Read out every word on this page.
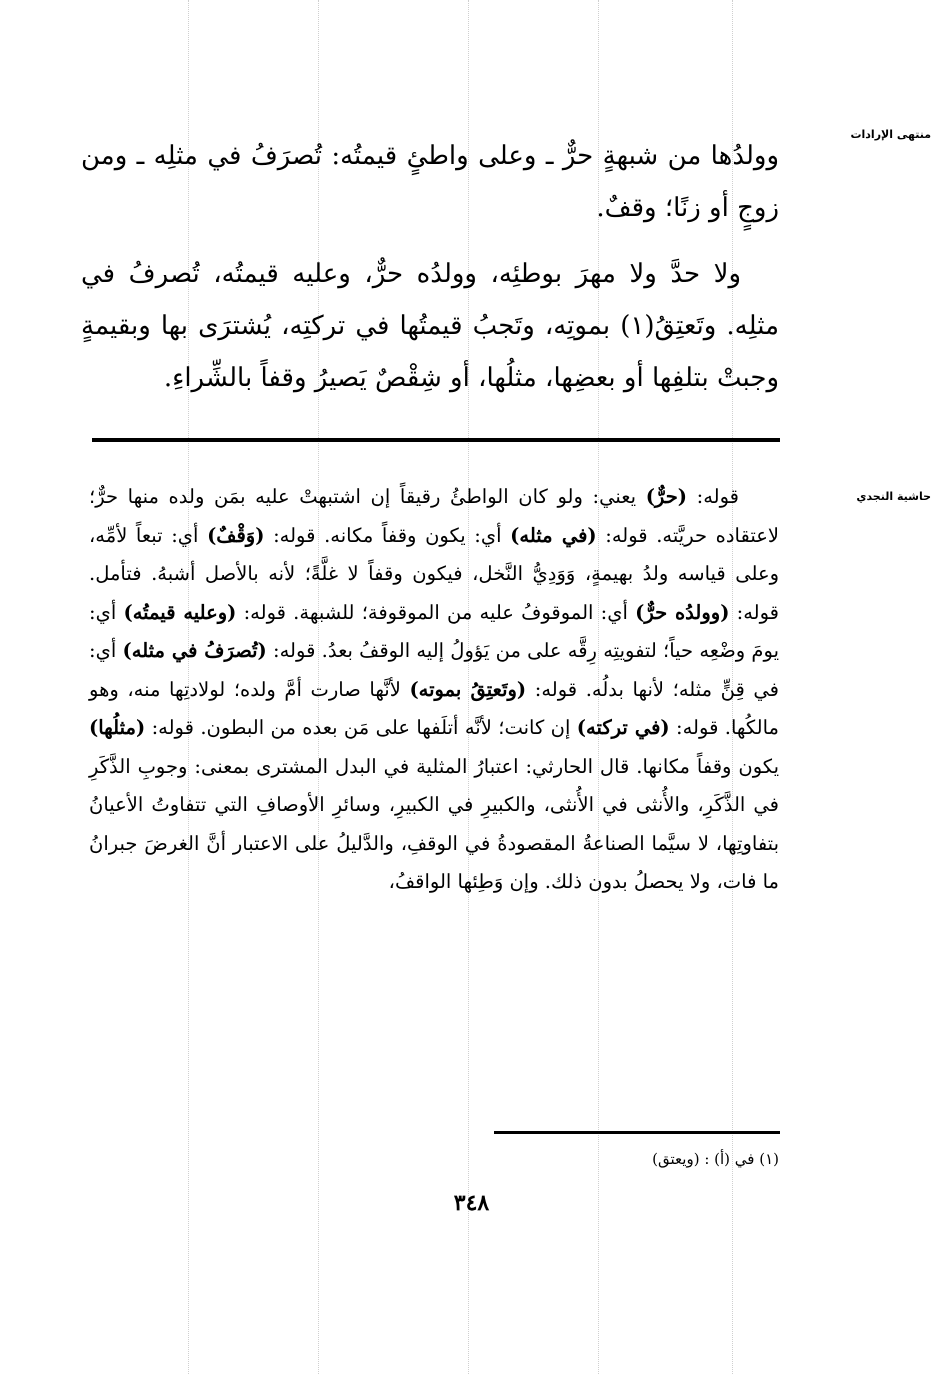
منتهى الإرادات

وولدُها من شبهةٍ حرٌّ ـ وعلى واطئٍ قيمتُه: تُصرَفُ في مثلِه ـ ومن زوجٍ أو زنًا؛ وقفٌ.

ولا حدَّ ولا مهرَ بوطئِه، وولدُه حرٌّ، وعليه قيمتُه، تُصرفُ في مثلِه. وتَعتِقُ(١) بموتِه، وتَجبُ قيمتُها في تركتِه، يُشترَى بها وبقيمةٍ وجبتْ بتلفِها أو بعضِها، مثلُها، أو شِقْصٌ يَصيرُ وقفاً بالشِّراءِ.

حاشية النجدي

قوله: (حرٌّ) يعني: ولو كان الواطئُ رقيقاً إن اشتبهتْ عليه بمَن ولده منها حرٌّ؛ لاعتقاده حريَّته. قوله: (في مثله) أي: يكون وقفاً مكانه. قوله: (وَقْفٌ) أي: تبعاً لأمِّه، وعلى قياسه ولدُ بهيمةٍ، وَوَدِيُّ النَّخل، فيكون وقفاً لا غلَّةً؛ لأنه بالأصل أشبهُ. فتأمل. قوله: (وولدُه حرٌّ) أي: الموقوفُ عليه من الموقوفة؛ للشبهة. قوله: (وعليه قيمتُه) أي: يومَ وضْعِه حياً؛ لتفويتِه رِقَّه على من يَؤولُ إليه الوقفُ بعدُ. قوله: (تُصرَفُ في مثله) أي: في قِنٍّ مثله؛ لأنها بدلُه. قوله: (وتَعتِقُ بموته) لأنَّها صارت أمَّ ولده؛ لولادتِها منه، وهو مالكُها. قوله: (في تركته) إن كانت؛ لأنَّه أتلَفها على مَن بعده من البطون. قوله: (مثلُها) يكون وقفاً مكانها. قال الحارثي: اعتبارُ المثلية في البدل المشترى بمعنى: وجوبِ الذَّكَرِ في الذَّكَرِ، والأُنثى في الأُنثى، والكبيرِ في الكبيرِ، وسائرِ الأوصافِ التي تتفاوتُ الأعيانُ بتفاوتِها، لا سيَّما الصناعةُ المقصودةُ في الوقفِ، والدَّليلُ على الاعتبار أنَّ الغرضَ جبرانُ ما فات، ولا يحصلُ بدون ذلك. وإن وَطِئها الواقفُ،

(١) في (أ) : (ويعتق)
٣٤٨
